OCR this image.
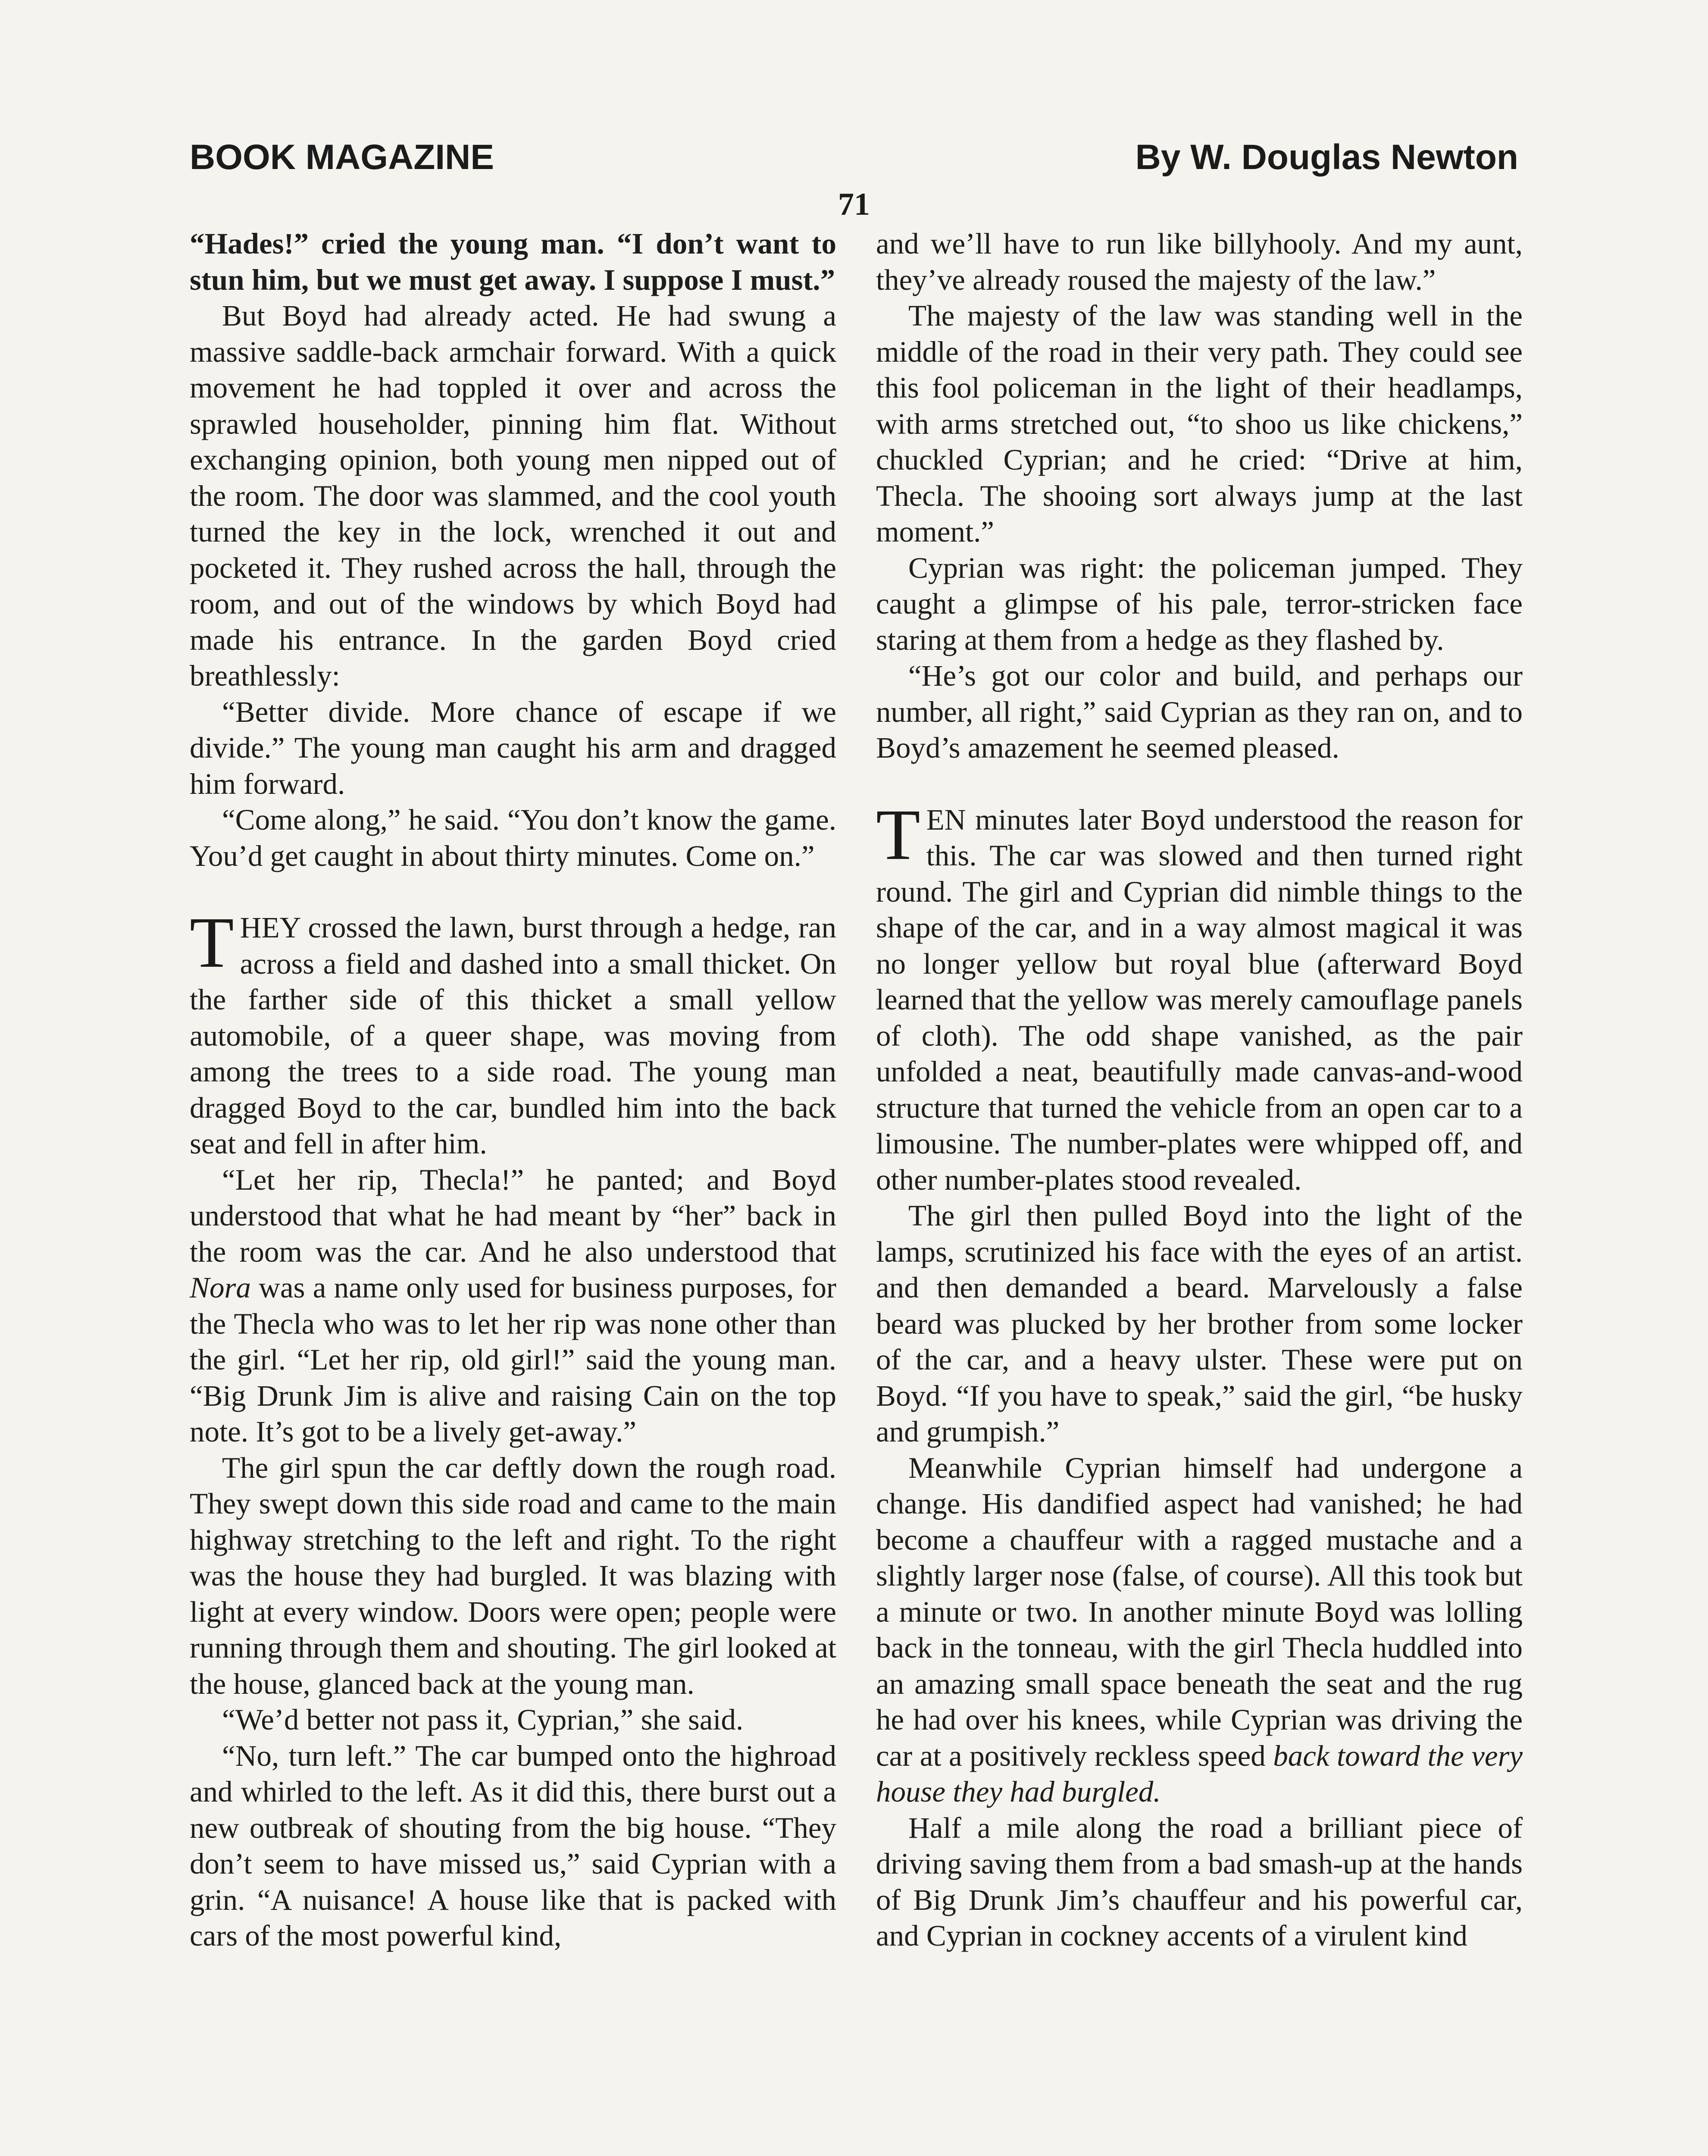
BOOK MAGAZINE	By W. Douglas Newton
71

“Hades!” cried the young man. “I don’t want to stun him, but we must get away. I suppose I must.”

But Boyd had already acted. He had swung a massive saddle-back armchair forward. With a quick movement he had toppled it over and across the sprawled householder, pinning him flat. Without exchanging opinion, both young men nipped out of the room. The door was slammed, and the cool youth turned the key in the lock, wrenched it out and pocketed it. They rushed across the hall, through the room, and out of the windows by which Boyd had made his entrance. In the garden Boyd cried breathlessly:

“Better divide. More chance of escape if we divide.” The young man caught his arm and dragged him forward.

“Come along,” he said. “You don’t know the game. You’d get caught in about thirty minutes. Come on.”

THEY crossed the lawn, burst through a hedge, ran across a field and dashed into a small thicket. On the farther side of this thicket a small yellow automobile, of a queer shape, was moving from among the trees to a side road. The young man dragged Boyd to the car, bundled him into the back seat and fell in after him.

“Let her rip, Thecla!” he panted; and Boyd understood that what he had meant by “her” back in the room was the car. And he also understood that Nora was a name only used for business purposes, for the Thecla who was to let her rip was none other than the girl. “Let her rip, old girl!” said the young man. “Big Drunk Jim is alive and raising Cain on the top note. It’s got to be a lively get-away.”

The girl spun the car deftly down the rough road. They swept down this side road and came to the main highway stretching to the left and right. To the right was the house they had burgled. It was blazing with light at every window. Doors were open; people were running through them and shouting. The girl looked at the house, glanced back at the young man.

“We’d better not pass it, Cyprian,” she said.

“No, turn left.” The car bumped onto the highroad and whirled to the left. As it did this, there burst out a new outbreak of shouting from the big house. “They don’t seem to have missed us,” said Cyprian with a grin. “A nuisance! A house like that is packed with cars of the most powerful kind,

and we’ll have to run like billyhooly. And my aunt, they’ve already roused the majesty of the law.”

The majesty of the law was standing well in the middle of the road in their very path. They could see this fool policeman in the light of their headlamps, with arms stretched out, “to shoo us like chickens,” chuckled Cyprian; and he cried: “Drive at him, Thecla. The shooing sort always jump at the last moment.”

Cyprian was right: the policeman jumped. They caught a glimpse of his pale, terror-stricken face staring at them from a hedge as they flashed by.

“He’s got our color and build, and perhaps our number, all right,” said Cyprian as they ran on, and to Boyd’s amazement he seemed pleased.

TEN minutes later Boyd understood the reason for this. The car was slowed and then turned right round. The girl and Cyprian did nimble things to the shape of the car, and in a way almost magical it was no longer yellow but royal blue (afterward Boyd learned that the yellow was merely camouflage panels of cloth). The odd shape vanished, as the pair unfolded a neat, beautifully made canvas-and-wood structure that turned the vehicle from an open car to a limousine. The number-plates were whipped off, and other number-plates stood revealed.

The girl then pulled Boyd into the light of the lamps, scrutinized his face with the eyes of an artist. and then demanded a beard. Marvelously a false beard was plucked by her brother from some locker of the car, and a heavy ulster. These were put on Boyd. “If you have to speak,” said the girl, “be husky and grumpish.”

Meanwhile Cyprian himself had undergone a change. His dandified aspect had vanished; he had become a chauffeur with a ragged mustache and a slightly larger nose (false, of course). All this took but a minute or two. In another minute Boyd was lolling back in the tonneau, with the girl Thecla huddled into an amazing small space beneath the seat and the rug he had over his knees, while Cyprian was driving the car at a positively reckless speed back toward the very house they had burgled.

Half a mile along the road a brilliant piece of driving saving them from a bad smash-up at the hands of Big Drunk Jim’s chauffeur and his powerful car, and Cyprian in cockney accents of a virulent kind
